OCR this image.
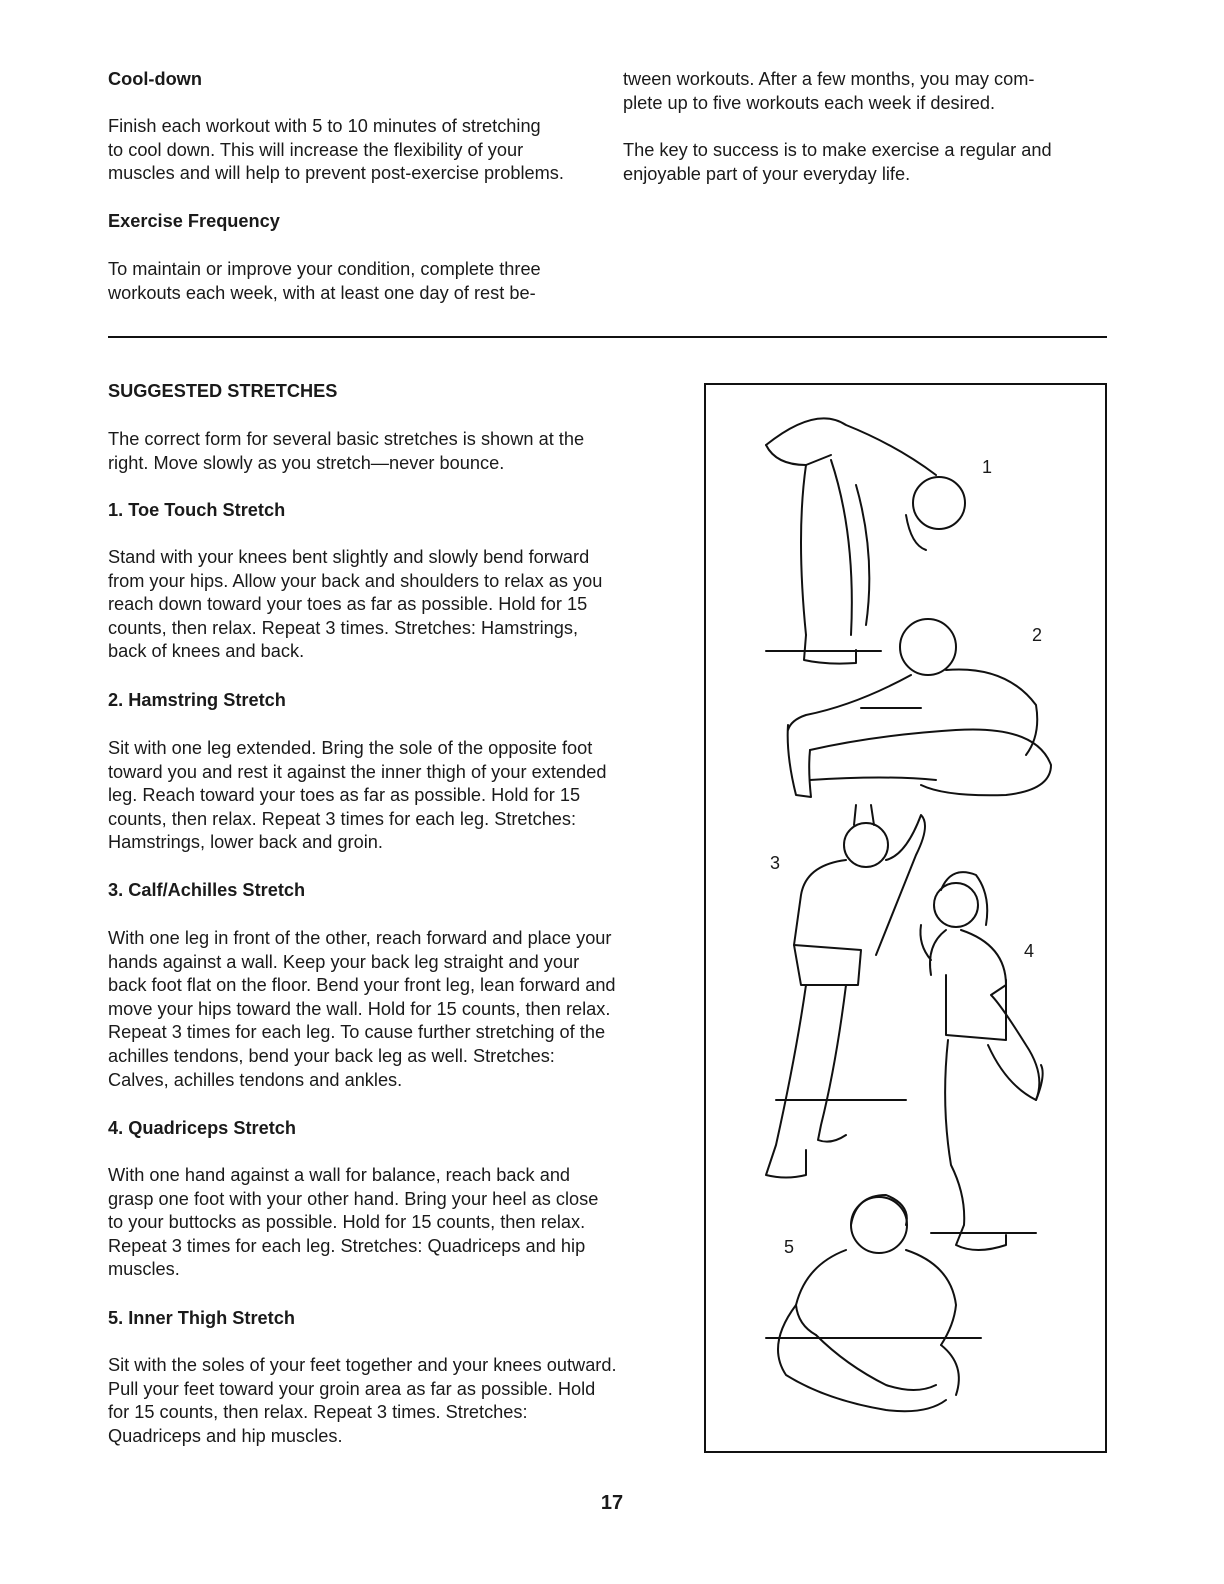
Cool-down
Finish each workout with 5 to 10 minutes of stretching
to cool down. This will increase the flexibility of your
muscles and will help to prevent post-exercise problems.
Exercise Frequency
To maintain or improve your condition, complete three
workouts each week, with at least one day of rest be-
tween workouts. After a few months, you may com-
plete up to five workouts each week if desired.
The key to success is to make exercise a regular and
enjoyable part of your everyday life.
SUGGESTED STRETCHES
The correct form for several basic stretches is shown at the
right. Move slowly as you stretch—never bounce.
1. Toe Touch Stretch
Stand with your knees bent slightly and slowly bend forward
from your hips. Allow your back and shoulders to relax as you
reach down toward your toes as far as possible. Hold for 15
counts, then relax. Repeat 3 times. Stretches: Hamstrings,
back of knees and back.
2. Hamstring Stretch
Sit with one leg extended. Bring the sole of the opposite foot
toward you and rest it against the inner thigh of your extended
leg. Reach toward your toes as far as possible. Hold for 15
counts, then relax. Repeat 3 times for each leg. Stretches:
Hamstrings, lower back and groin.
3. Calf/Achilles Stretch
With one leg in front of the other, reach forward and place your
hands against a wall. Keep your back leg straight and your
back foot flat on the floor. Bend your front leg, lean forward and
move your hips toward the wall. Hold for 15 counts, then relax.
Repeat 3 times for each leg. To cause further stretching of the
achilles tendons, bend your back leg as well. Stretches:
Calves, achilles tendons and ankles.
4. Quadriceps Stretch
With one hand against a wall for balance, reach back and
grasp one foot with your other hand. Bring your heel as close
to your buttocks as possible. Hold for 15 counts, then relax.
Repeat 3 times for each leg. Stretches: Quadriceps and hip
muscles.
5. Inner Thigh Stretch
Sit with the soles of your feet together and your knees outward.
Pull your feet toward your groin area as far as possible. Hold
for 15 counts, then relax. Repeat 3 times. Stretches:
Quadriceps and hip muscles.
1
2
3
4
5
17
